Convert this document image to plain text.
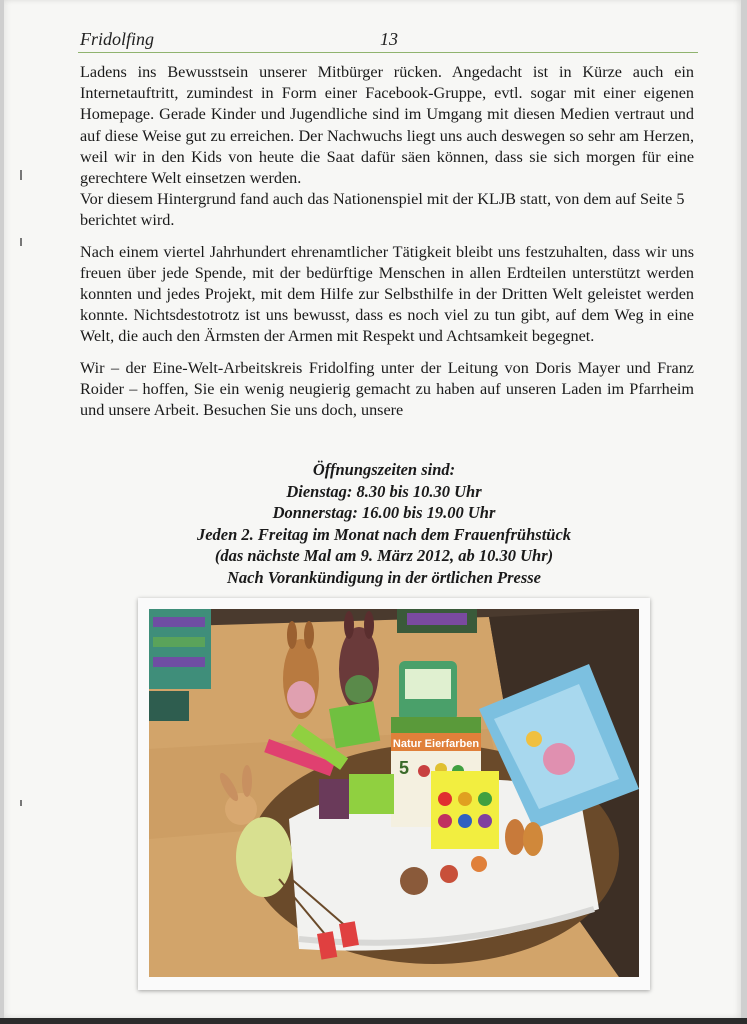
Fridolfing	13

Ladens ins Bewusstsein unserer Mitbürger rücken. Angedacht ist in Kürze auch ein Internetauftritt, zumindest in Form einer Facebook-Gruppe, evtl. sogar mit einer eigenen Homepage. Gerade Kinder und Jugendliche sind im Umgang mit diesen Medien vertraut und auf diese Weise gut zu erreichen. Der Nachwuchs liegt uns auch deswegen so sehr am Herzen, weil wir in den Kids von heute die Saat dafür säen können, dass sie sich morgen für eine gerechtere Welt einsetzen werden.

Vor diesem Hintergrund fand auch das Nationenspiel mit der KLJB statt, von dem auf Seite 5 berichtet wird.

Nach einem viertel Jahrhundert ehrenamtlicher Tätigkeit bleibt uns festzuhalten, dass wir uns freuen über jede Spende, mit der bedürftige Menschen in allen Erdteilen unterstützt werden konnten und jedes Projekt, mit dem Hilfe zur Selbsthilfe in der Dritten Welt geleistet werden konnte. Nichtsdestotrotz ist uns bewusst, dass es noch viel zu tun gibt, auf dem Weg in eine Welt, die auch den Ärmsten der Armen mit Respekt und Achtsamkeit begegnet.

Wir – der Eine-Welt-Arbeitskreis Fridolfing unter der Leitung von Doris Mayer und Franz Roider – hoffen, Sie ein wenig neugierig gemacht zu haben auf unseren Laden im Pfarrheim und unsere Arbeit. Besuchen Sie uns doch, unsere

Öffnungszeiten sind:
Dienstag: 8.30 bis 10.30 Uhr
Donnerstag: 16.00 bis 19.00 Uhr
Jeden 2. Freitag im Monat nach dem Frauenfrühstück
(das nächste Mal am 9. März 2012, ab 10.30 Uhr)
Nach Vorankündigung in der örtlichen Presse
Natur Eierfarben
5
